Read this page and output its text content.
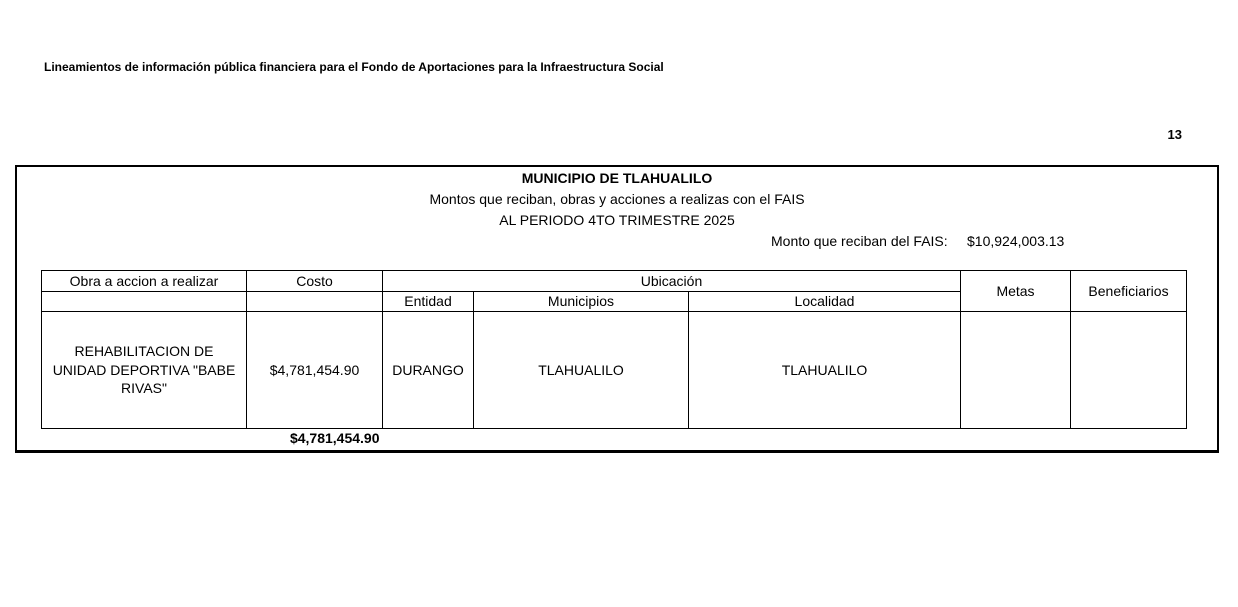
Lineamientos de información pública financiera para el Fondo de Aportaciones para la Infraestructura Social
13
MUNICIPIO DE TLAHUALILO
Montos que reciban, obras y acciones a realizas con el FAIS
AL PERIODO 4TO TRIMESTRE 2025
Monto que reciban del FAIS: $10,924,003.13
Obra a accion a realizar	Costo	Ubicación			Metas	Beneficiarios
		Entidad	Municipios	Localidad		
REHABILITACION DE UNIDAD DEPORTIVA "BABE RIVAS"	$4,781,454.90	DURANGO	TLAHUALILO	TLAHUALILO		
	$4,781,454.90					
